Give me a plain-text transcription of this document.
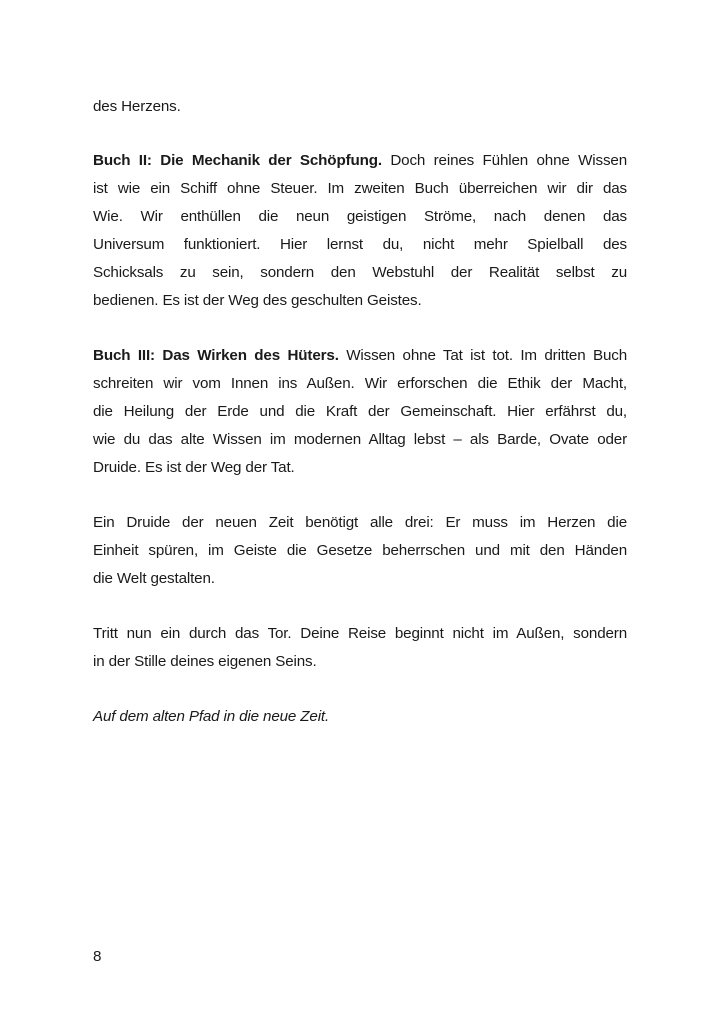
des Herzens.
Buch II: Die Mechanik der Schöpfung. Doch reines Fühlen ohne Wissen
ist wie ein Schiff ohne Steuer. Im zweiten Buch überreichen wir dir das
Wie. Wir enthüllen die neun geistigen Ströme, nach denen das
Universum funktioniert. Hier lernst du, nicht mehr Spielball des
Schicksals zu sein, sondern den Webstuhl der Realität selbst zu
bedienen. Es ist der Weg des geschulten Geistes.
Buch III: Das Wirken des Hüters. Wissen ohne Tat ist tot. Im dritten Buch
schreiten wir vom Innen ins Außen. Wir erforschen die Ethik der Macht,
die Heilung der Erde und die Kraft der Gemeinschaft. Hier erfährst du,
wie du das alte Wissen im modernen Alltag lebst – als Barde, Ovate oder
Druide. Es ist der Weg der Tat.
Ein Druide der neuen Zeit benötigt alle drei: Er muss im Herzen die
Einheit spüren, im Geiste die Gesetze beherrschen und mit den Händen
die Welt gestalten.
Tritt nun ein durch das Tor. Deine Reise beginnt nicht im Außen, sondern
in der Stille deines eigenen Seins.
Auf dem alten Pfad in die neue Zeit.
8
